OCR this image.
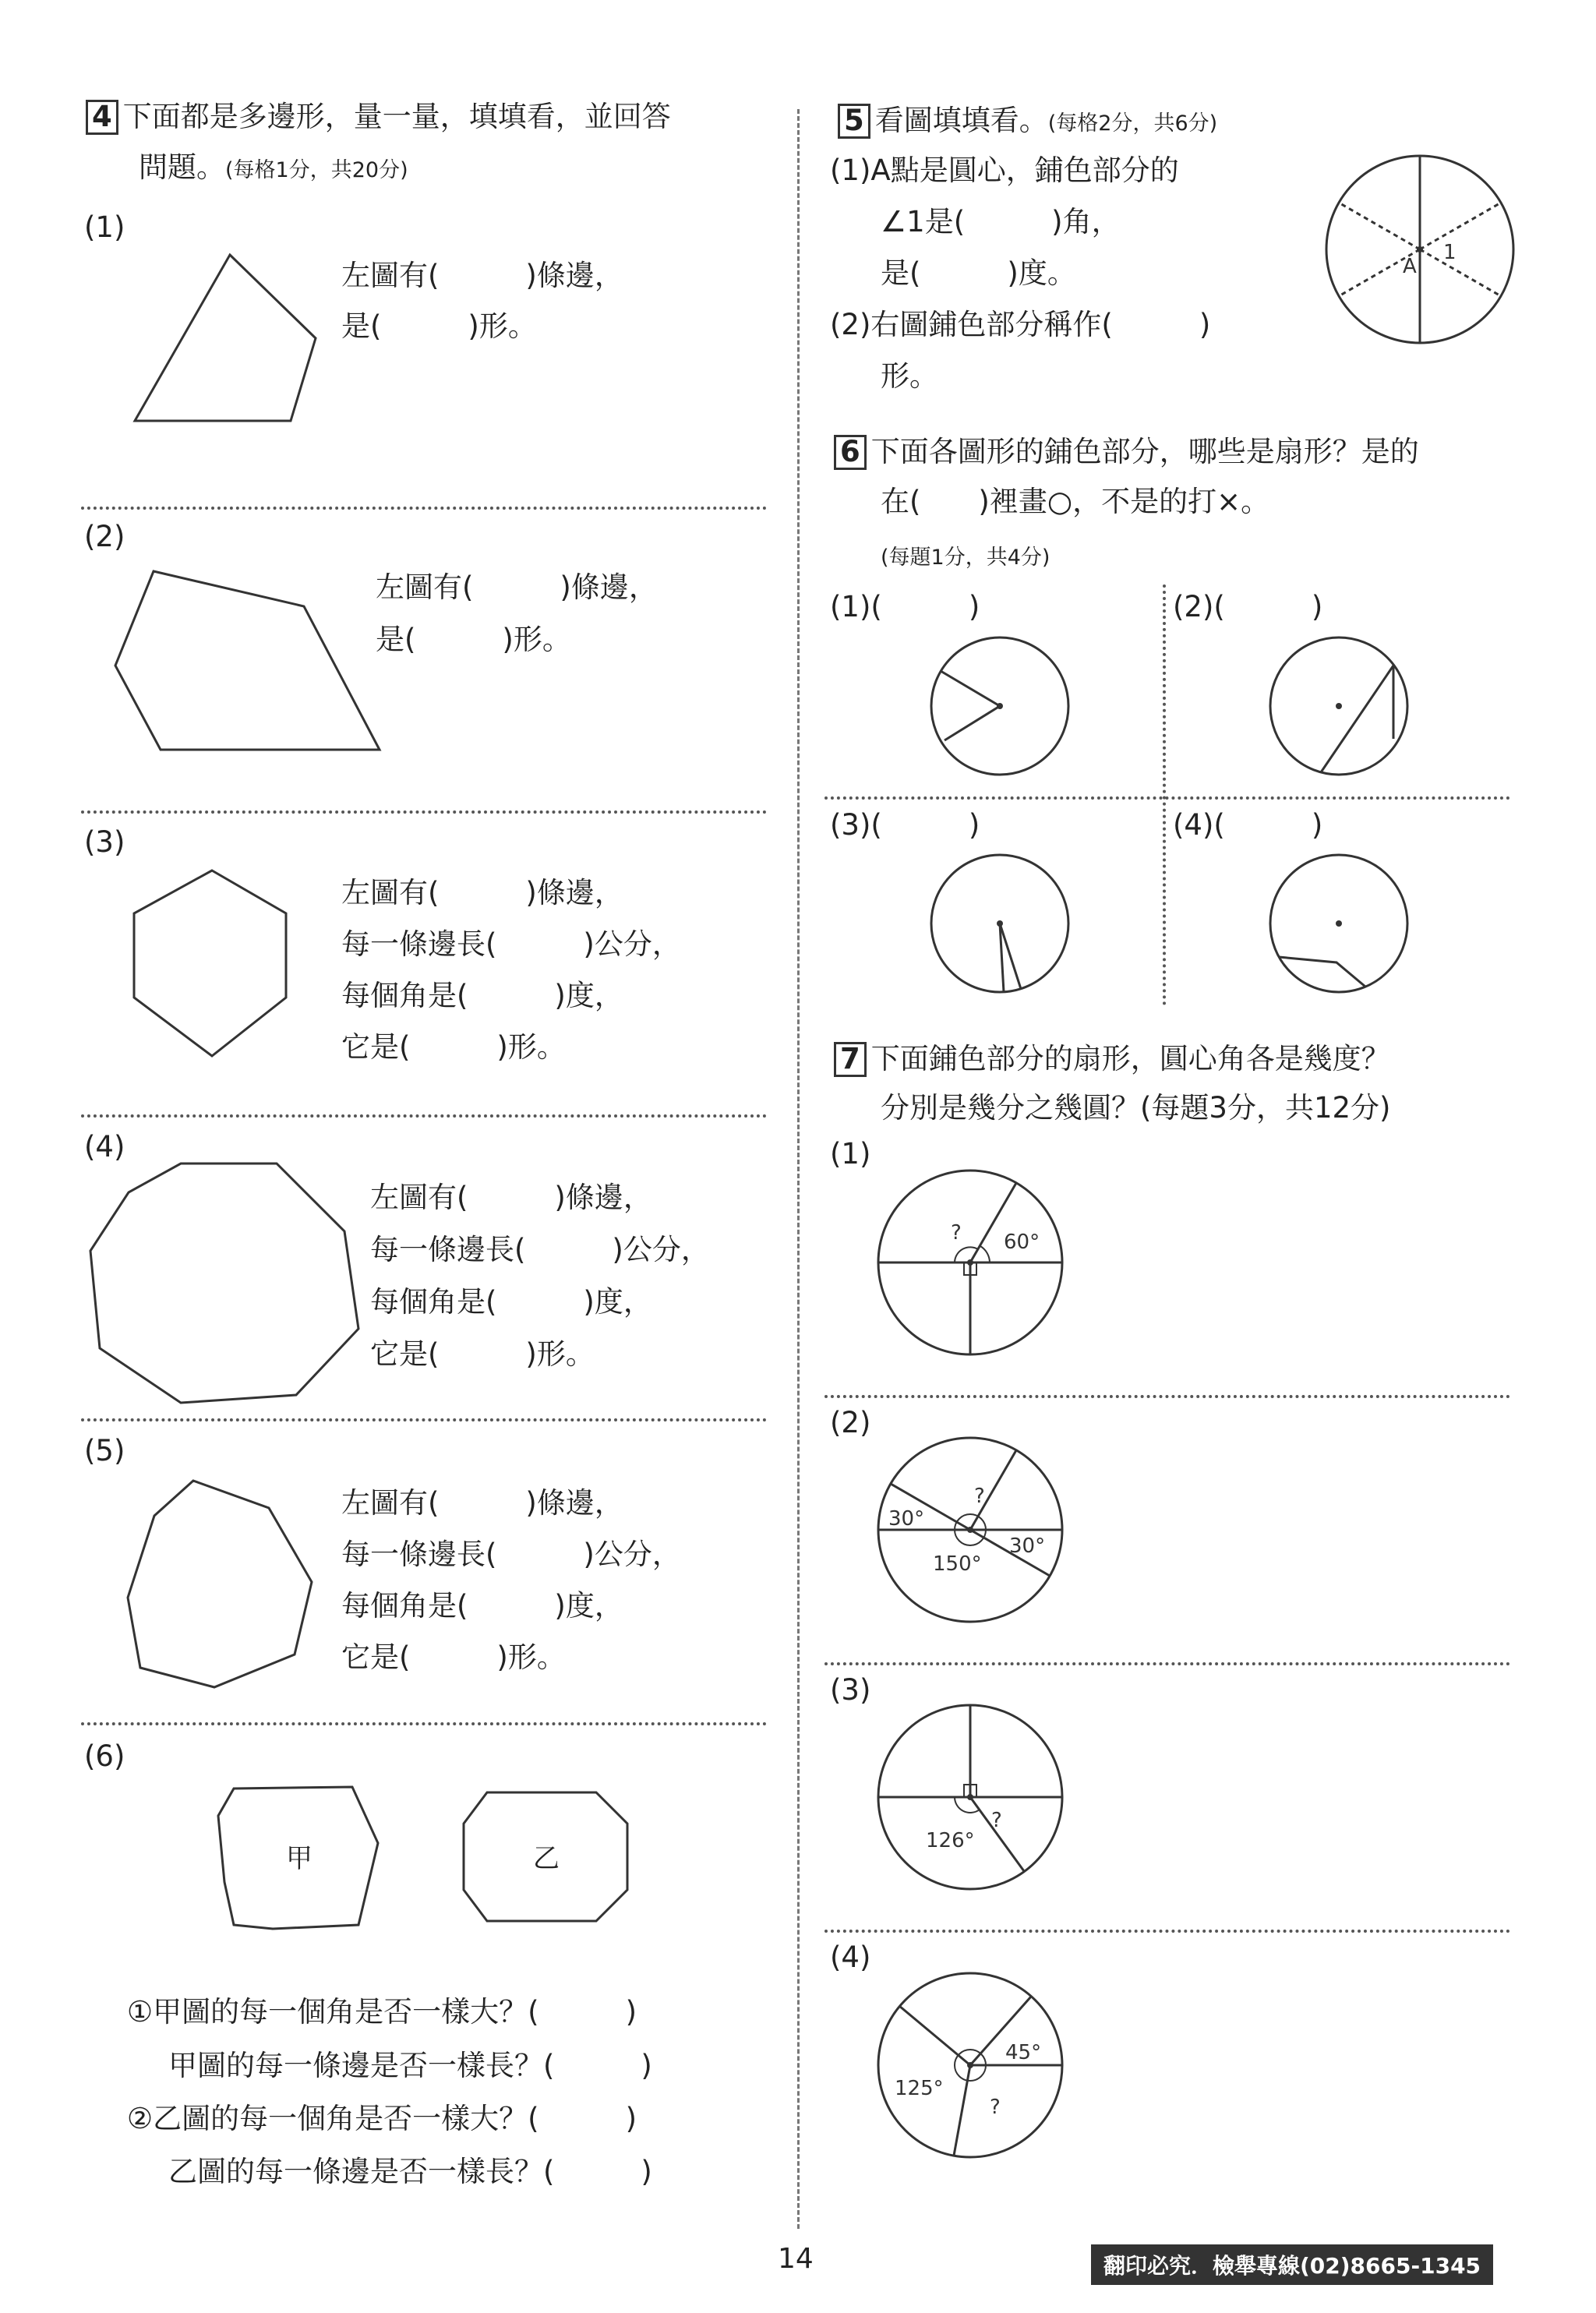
4 下面都是多邊形，量一量，填填看，並回答
問題。(每格1分，共20分)
(1)
左圖有(　　　)條邊，
是(　　　)形。
(2)
左圖有(　　　)條邊，
是(　　　)形。
(3)
左圖有(　　　)條邊，
每一條邊長(　　　)公分，
每個角是(　　　)度，
它是(　　　)形。
(4)
左圖有(　　　)條邊，
每一條邊長(　　　)公分，
每個角是(　　　)度，
它是(　　　)形。
(5)
左圖有(　　　)條邊，
每一條邊長(　　　)公分，
每個角是(　　　)度，
它是(　　　)形。
(6)
甲	乙
①甲圖的每一個角是否一樣大？(　　　)
甲圖的每一條邊是否一樣長？(　　　)
②乙圖的每一個角是否一樣大？(　　　)
乙圖的每一條邊是否一樣長？(　　　)
5 看圖填填看。(每格2分，共6分)
(1)A點是圓心，鋪色部分的
∠1是(　　　)角，
是(　　　)度。
(2)右圖鋪色部分稱作(　　　)
形。
A
1
6 下面各圖形的鋪色部分，哪些是扇形？是的
在(　　)裡畫○，不是的打×。
(每題1分，共4分)
(1)(　　　)	(2)(　　　)
(3)(　　　)	(4)(　　　)
7 下面鋪色部分的扇形，圓心角各是幾度？
分別是幾分之幾圓？(每題3分，共12分)
(1)
(2)
(3)
(4)
? 60°
30°
?
30°
150°
?
126°
45°
125°
?
14	翻印必究．檢舉專線(02)8665-1345
